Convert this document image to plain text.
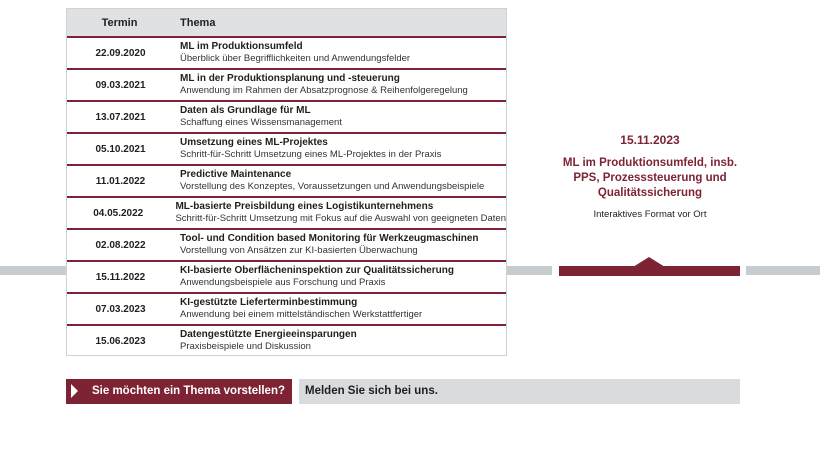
Termin	Thema
22.09.2020
ML im Produktionsumfeld
Überblick über Begrifflichkeiten und Anwendungsfelder
09.03.2021
ML in der Produktionsplanung und -steuerung
Anwendung im Rahmen der Absatzprognose & Reihenfolgeregelung
13.07.2021
Daten als Grundlage für ML
Schaffung eines Wissensmanagement
05.10.2021
Umsetzung eines ML-Projektes
Schritt-für-Schritt Umsetzung eines ML-Projektes in der Praxis
11.01.2022
Predictive Maintenance
Vorstellung des Konzeptes, Voraussetzungen und Anwendungsbeispiele
04.05.2022
ML-basierte Preisbildung eines Logistikunternehmens
Schritt-für-Schritt Umsetzung mit Fokus auf die Auswahl von geeigneten Daten
02.08.2022
Tool- und Condition based Monitoring für Werkzeugmaschinen
Vorstellung von Ansätzen zur KI-basierten Überwachung
15.11.2022
KI-basierte Oberflächeninspektion zur Qualitätssicherung
Anwendungsbeispiele aus Forschung und Praxis
07.03.2023
KI-gestützte Lieferterminbestimmung
Anwendung bei einem mittelständischen Werkstattfertiger
15.06.2023
Datengestützte Energieeinsparungen
Praxisbeispiele und Diskussion
15.11.2023
ML im Produktionsumfeld, insb. PPS, Prozesssteuerung und Qualitätssicherung
Interaktives Format vor Ort
Sie möchten ein Thema vorstellen? Melden Sie sich bei uns.
